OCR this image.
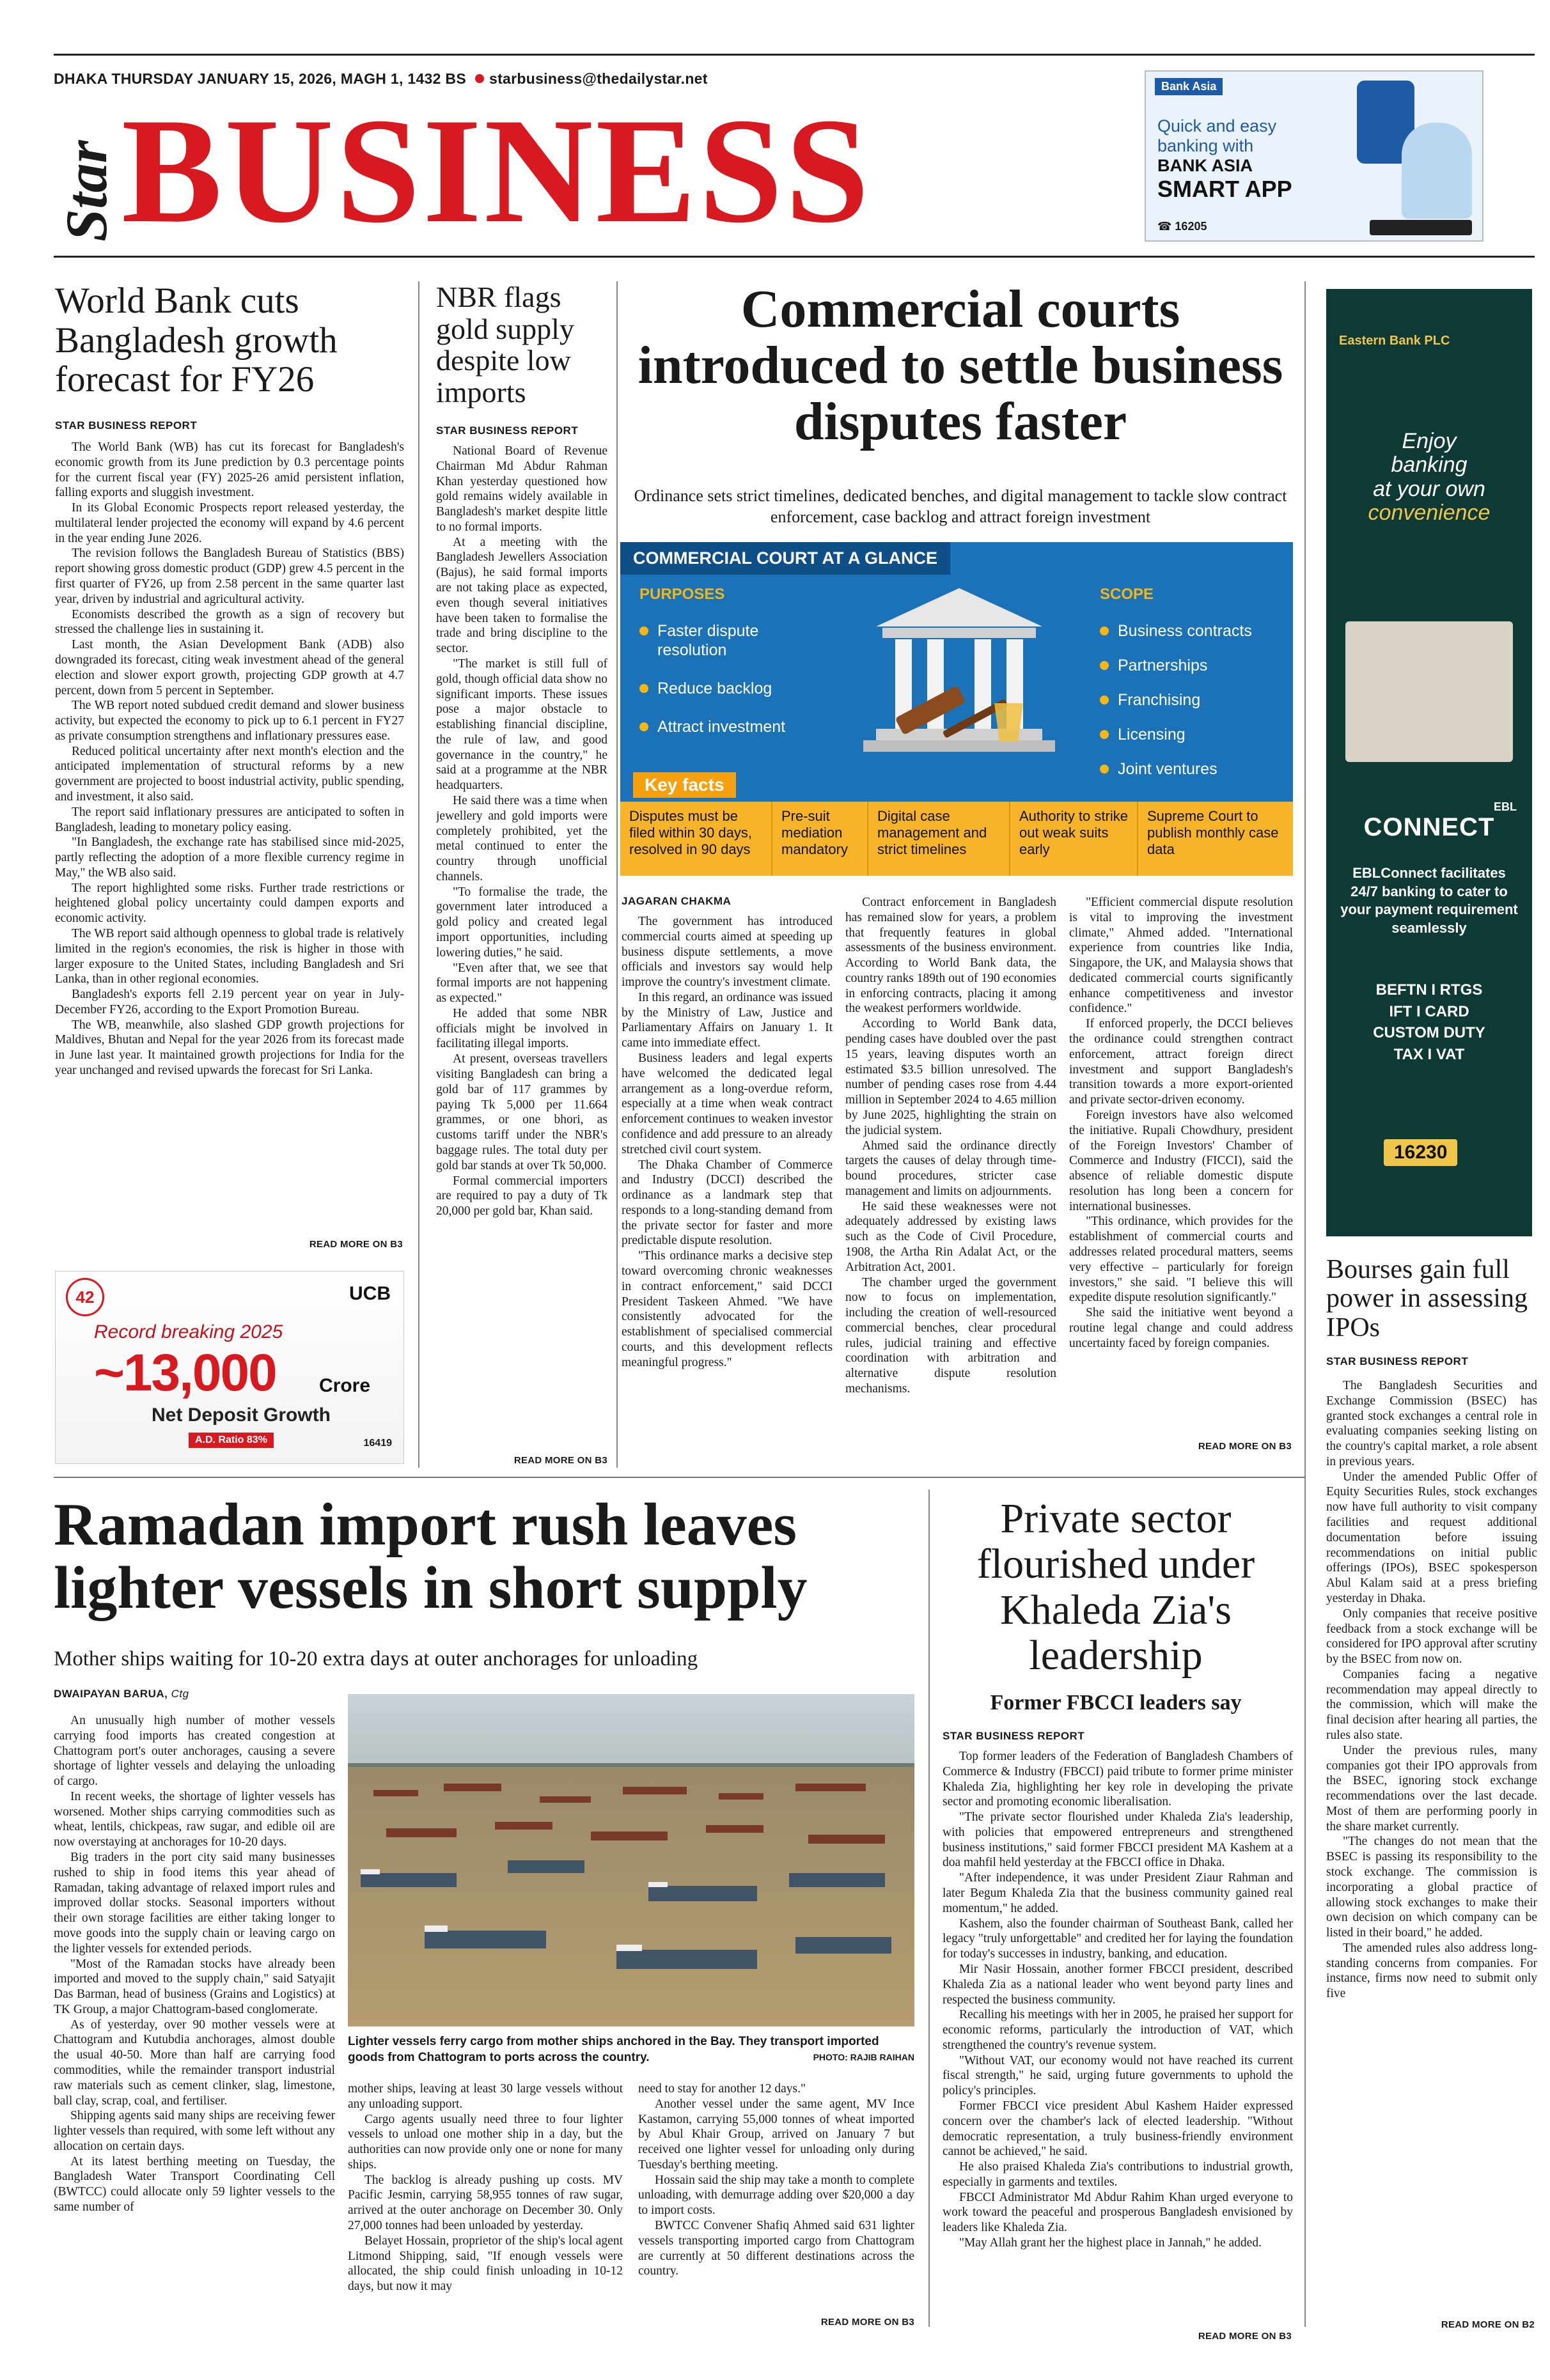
DHAKA THURSDAY JANUARY 15, 2026, MAGH 1, 1432 BS starbusiness@thedailystar.net
Star BUSINESS
Bank Asia
Quick and easy
banking with
BANK ASIA
SMART APP
☎ 16205
World Bank cuts Bangladesh growth forecast for FY26
STAR BUSINESS REPORT

The World Bank (WB) has cut its forecast for Bangladesh's economic growth from its June prediction by 0.3 percentage points for the current fiscal year (FY) 2025-26 amid persistent inflation, falling exports and sluggish investment.

In its Global Economic Prospects report released yesterday, the multilateral lender projected the economy will expand by 4.6 percent in the year ending June 2026.

The revision follows the Bangladesh Bureau of Statistics (BBS) report showing gross domestic product (GDP) grew 4.5 percent in the first quarter of FY26, up from 2.58 percent in the same quarter last year, driven by industrial and agricultural activity.

Economists described the growth as a sign of recovery but stressed the challenge lies in sustaining it.

Last month, the Asian Development Bank (ADB) also downgraded its forecast, citing weak investment ahead of the general election and slower export growth, projecting GDP growth at 4.7 percent, down from 5 percent in September.

The WB report noted subdued credit demand and slower business activity, but expected the economy to pick up to 6.1 percent in FY27 as private consumption strengthens and inflationary pressures ease.

Reduced political uncertainty after next month's election and the anticipated implementation of structural reforms by a new government are projected to boost industrial activity, public spending, and investment, it also said.

The report said inflationary pressures are anticipated to soften in Bangladesh, leading to monetary policy easing.

"In Bangladesh, the exchange rate has stabilised since mid-2025, partly reflecting the adoption of a more flexible currency regime in May," the WB also said.

The report highlighted some risks. Further trade restrictions or heightened global policy uncertainty could dampen exports and economic activity.

The WB report said although openness to global trade is relatively limited in the region's economies, the risk is higher in those with larger exposure to the United States, including Bangladesh and Sri Lanka, than in other regional economies.

Bangladesh's exports fell 2.19 percent year on year in July-December FY26, according to the Export Promotion Bureau.

The WB, meanwhile, also slashed GDP growth projections for Maldives, Bhutan and Nepal for the year 2026 from its forecast made in June last year. It maintained growth projections for India for the year unchanged and revised upwards the forecast for Sri Lanka.

READ MORE ON B3
42	UCB
Record breaking 2025
~13,000 Crore
Net Deposit Growth
A.D. Ratio 83%	16419
NBR flags gold supply despite low imports
STAR BUSINESS REPORT

National Board of Revenue Chairman Md Abdur Rahman Khan yesterday questioned how gold remains widely available in Bangladesh's market despite little to no formal imports.

At a meeting with the Bangladesh Jewellers Association (Bajus), he said formal imports are not taking place as expected, even though several initiatives have been taken to formalise the trade and bring discipline to the sector.

"The market is still full of gold, though official data show no significant imports. These issues pose a major obstacle to establishing financial discipline, the rule of law, and good governance in the country," he said at a programme at the NBR headquarters.

He said there was a time when jewellery and gold imports were completely prohibited, yet the metal continued to enter the country through unofficial channels.

"To formalise the trade, the government later introduced a gold policy and created legal import opportunities, including lowering duties," he said.

"Even after that, we see that formal imports are not happening as expected."

He added that some NBR officials might be involved in facilitating illegal imports.

At present, overseas travellers visiting Bangladesh can bring a gold bar of 117 grammes by paying Tk 5,000 per 11.664 grammes, or one bhori, as customs tariff under the NBR's baggage rules. The total duty per gold bar stands at over Tk 50,000.

Formal commercial importers are required to pay a duty of Tk 20,000 per gold bar, Khan said.

READ MORE ON B3
Commercial courts introduced to settle business disputes faster
Ordinance sets strict timelines, dedicated benches, and digital management to tackle slow contract enforcement, case backlog and attract foreign investment
COMMERCIAL COURT AT A GLANCE
PURPOSES
Faster dispute resolution
Reduce backlog
Attract investment
SCOPE
Business contracts
Partnerships
Franchising
Licensing
Joint ventures
Key facts
Disputes must be filed within 30 days, resolved in 90 days
Pre-suit mediation mandatory
Digital case management and strict timelines
Authority to strike out weak suits early
Supreme Court to publish monthly case data
JAGARAN CHAKMA

The government has introduced commercial courts aimed at speeding up business dispute settlements, a move officials and investors say would help improve the country's investment climate.

In this regard, an ordinance was issued by the Ministry of Law, Justice and Parliamentary Affairs on January 1. It came into immediate effect.

Business leaders and legal experts have welcomed the dedicated legal arrangement as a long-overdue reform, especially at a time when weak contract enforcement continues to weaken investor confidence and add pressure to an already stretched civil court system.

The Dhaka Chamber of Commerce and Industry (DCCI) described the ordinance as a landmark step that responds to a long-standing demand from the private sector for faster and more predictable dispute resolution.

"This ordinance marks a decisive step toward overcoming chronic weaknesses in contract enforcement," said DCCI President Taskeen Ahmed. "We have consistently advocated for the establishment of specialised commercial courts, and this development reflects meaningful progress."

Contract enforcement in Bangladesh has remained slow for years, a problem that frequently features in global assessments of the business environment. According to World Bank data, the country ranks 189th out of 190 economies in enforcing contracts, placing it among the weakest performers worldwide.

According to World Bank data, pending cases have doubled over the past 15 years, leaving disputes worth an estimated $3.5 billion unresolved. The number of pending cases rose from 4.44 million in September 2024 to 4.65 million by June 2025, highlighting the strain on the judicial system.

Ahmed said the ordinance directly targets the causes of delay through time-bound procedures, stricter case management and limits on adjournments.

He said these weaknesses were not adequately addressed by existing laws such as the Code of Civil Procedure, 1908, the Artha Rin Adalat Act, or the Arbitration Act, 2001.

The chamber urged the government now to focus on implementation, including the creation of well-resourced commercial benches, clear procedural rules, judicial training and effective coordination with arbitration and alternative dispute resolution mechanisms.

"Efficient commercial dispute resolution is vital to improving the investment climate," Ahmed added. "International experience from countries like India, Singapore, the UK, and Malaysia shows that dedicated commercial courts significantly enhance competitiveness and investor confidence."

If enforced properly, the DCCI believes the ordinance could strengthen contract enforcement, attract foreign direct investment and support Bangladesh's transition towards a more export-oriented and private sector-driven economy.

Foreign investors have also welcomed the initiative. Rupali Chowdhury, president of the Foreign Investors' Chamber of Commerce and Industry (FICCI), said the absence of reliable domestic dispute resolution has long been a concern for international businesses.

"This ordinance, which provides for the establishment of commercial courts and addresses related procedural matters, seems very effective – particularly for foreign investors," she said. "I believe this will expedite dispute resolution significantly."

She said the initiative went beyond a routine legal change and could address uncertainty faced by foreign companies.

READ MORE ON B3
Eastern Bank PLC
Enjoy
banking
at your own
convenience
EBL
CONNECT
EBLConnect facilitates 24/7 banking to cater to your payment requirement seamlessly
BEFTN I RTGS
IFT I CARD
CUSTOM DUTY
TAX I VAT
16230
Bourses gain full power in assessing IPOs
STAR BUSINESS REPORT

The Bangladesh Securities and Exchange Commission (BSEC) has granted stock exchanges a central role in evaluating companies seeking listing on the country's capital market, a role absent in previous years.

Under the amended Public Offer of Equity Securities Rules, stock exchanges now have full authority to visit company facilities and request additional documentation before issuing recommendations on initial public offerings (IPOs), BSEC spokesperson Abul Kalam said at a press briefing yesterday in Dhaka.

Only companies that receive positive feedback from a stock exchange will be considered for IPO approval after scrutiny by the BSEC from now on.

Companies facing a negative recommendation may appeal directly to the commission, which will make the final decision after hearing all parties, the rules also state.

Under the previous rules, many companies got their IPO approvals from the BSEC, ignoring stock exchange recommendations over the last decade. Most of them are performing poorly in the share market currently.

"The changes do not mean that the BSEC is passing its responsibility to the stock exchange. The commission is incorporating a global practice of allowing stock exchanges to make their own decision on which company can be listed in their board," he added.

The amended rules also address long-standing concerns from companies. For instance, firms now need to submit only five

READ MORE ON B2
Ramadan import rush leaves lighter vessels in short supply
Mother ships waiting for 10-20 extra days at outer anchorages for unloading
DWAIPAYAN BARUA, Ctg

An unusually high number of mother vessels carrying food imports has created congestion at Chattogram port's outer anchorages, causing a severe shortage of lighter vessels and delaying the unloading of cargo.

In recent weeks, the shortage of lighter vessels has worsened. Mother ships carrying commodities such as wheat, lentils, chickpeas, raw sugar, and edible oil are now overstaying at anchorages for 10-20 days.

Big traders in the port city said many businesses rushed to ship in food items this year ahead of Ramadan, taking advantage of relaxed import rules and improved dollar stocks. Seasonal importers without their own storage facilities are either taking longer to move goods into the supply chain or leaving cargo on the lighter vessels for extended periods.

"Most of the Ramadan stocks have already been imported and moved to the supply chain," said Satyajit Das Barman, head of business (Grains and Logistics) at TK Group, a major Chattogram-based conglomerate.

As of yesterday, over 90 mother vessels were at Chattogram and Kutubdia anchorages, almost double the usual 40-50. More than half are carrying food commodities, while the remainder transport industrial raw materials such as cement clinker, slag, limestone, ball clay, scrap, coal, and fertiliser.

Shipping agents said many ships are receiving fewer lighter vessels than required, with some left without any allocation on certain days.

At its latest berthing meeting on Tuesday, the Bangladesh Water Transport Coordinating Cell (BWTCC) could allocate only 59 lighter vessels to the same number of

Lighter vessels ferry cargo from mother ships anchored in the Bay. They transport imported goods from Chattogram to ports across the country.	PHOTO: RAJIB RAIHAN

mother ships, leaving at least 30 large vessels without any unloading support.

Cargo agents usually need three to four lighter vessels to unload one mother ship in a day, but the authorities can now provide only one or none for many ships.

The backlog is already pushing up costs. MV Pacific Jesmin, carrying 58,955 tonnes of raw sugar, arrived at the outer anchorage on December 30. Only 27,000 tonnes had been unloaded by yesterday.

Belayet Hossain, proprietor of the ship's local agent Litmond Shipping, said, "If enough vessels were allocated, the ship could finish unloading in 10-12 days, but now it may

need to stay for another 12 days."

Another vessel under the same agent, MV Ince Kastamon, carrying 55,000 tonnes of wheat imported by Abul Khair Group, arrived on January 7 but received one lighter vessel for unloading only during Tuesday's berthing meeting.

Hossain said the ship may take a month to complete unloading, with demurrage adding over $20,000 a day to import costs.

BWTCC Convener Shafiq Ahmed said 631 lighter vessels transporting imported cargo from Chattogram are currently at 50 different destinations across the country.

READ MORE ON B3
Private sector flourished under Khaleda Zia's leadership
Former FBCCI leaders say
STAR BUSINESS REPORT

Top former leaders of the Federation of Bangladesh Chambers of Commerce & Industry (FBCCI) paid tribute to former prime minister Khaleda Zia, highlighting her key role in developing the private sector and promoting economic liberalisation.

"The private sector flourished under Khaleda Zia's leadership, with policies that empowered entrepreneurs and strengthened business institutions," said former FBCCI president MA Kashem at a doa mahfil held yesterday at the FBCCI office in Dhaka.

"After independence, it was under President Ziaur Rahman and later Begum Khaleda Zia that the business community gained real momentum," he added.

Kashem, also the founder chairman of Southeast Bank, called her legacy "truly unforgettable" and credited her for laying the foundation for today's successes in industry, banking, and education.

Mir Nasir Hossain, another former FBCCI president, described Khaleda Zia as a national leader who went beyond party lines and respected the business community.

Recalling his meetings with her in 2005, he praised her support for economic reforms, particularly the introduction of VAT, which strengthened the country's revenue system.

"Without VAT, our economy would not have reached its current fiscal strength," he said, urging future governments to uphold the policy's principles.

Former FBCCI vice president Abul Kashem Haider expressed concern over the chamber's lack of elected leadership. "Without democratic representation, a truly business-friendly environment cannot be achieved," he said.

He also praised Khaleda Zia's contributions to industrial growth, especially in garments and textiles.

FBCCI Administrator Md Abdur Rahim Khan urged everyone to work toward the peaceful and prosperous Bangladesh envisioned by leaders like Khaleda Zia.

"May Allah grant her the highest place in Jannah," he added.

READ MORE ON B3
